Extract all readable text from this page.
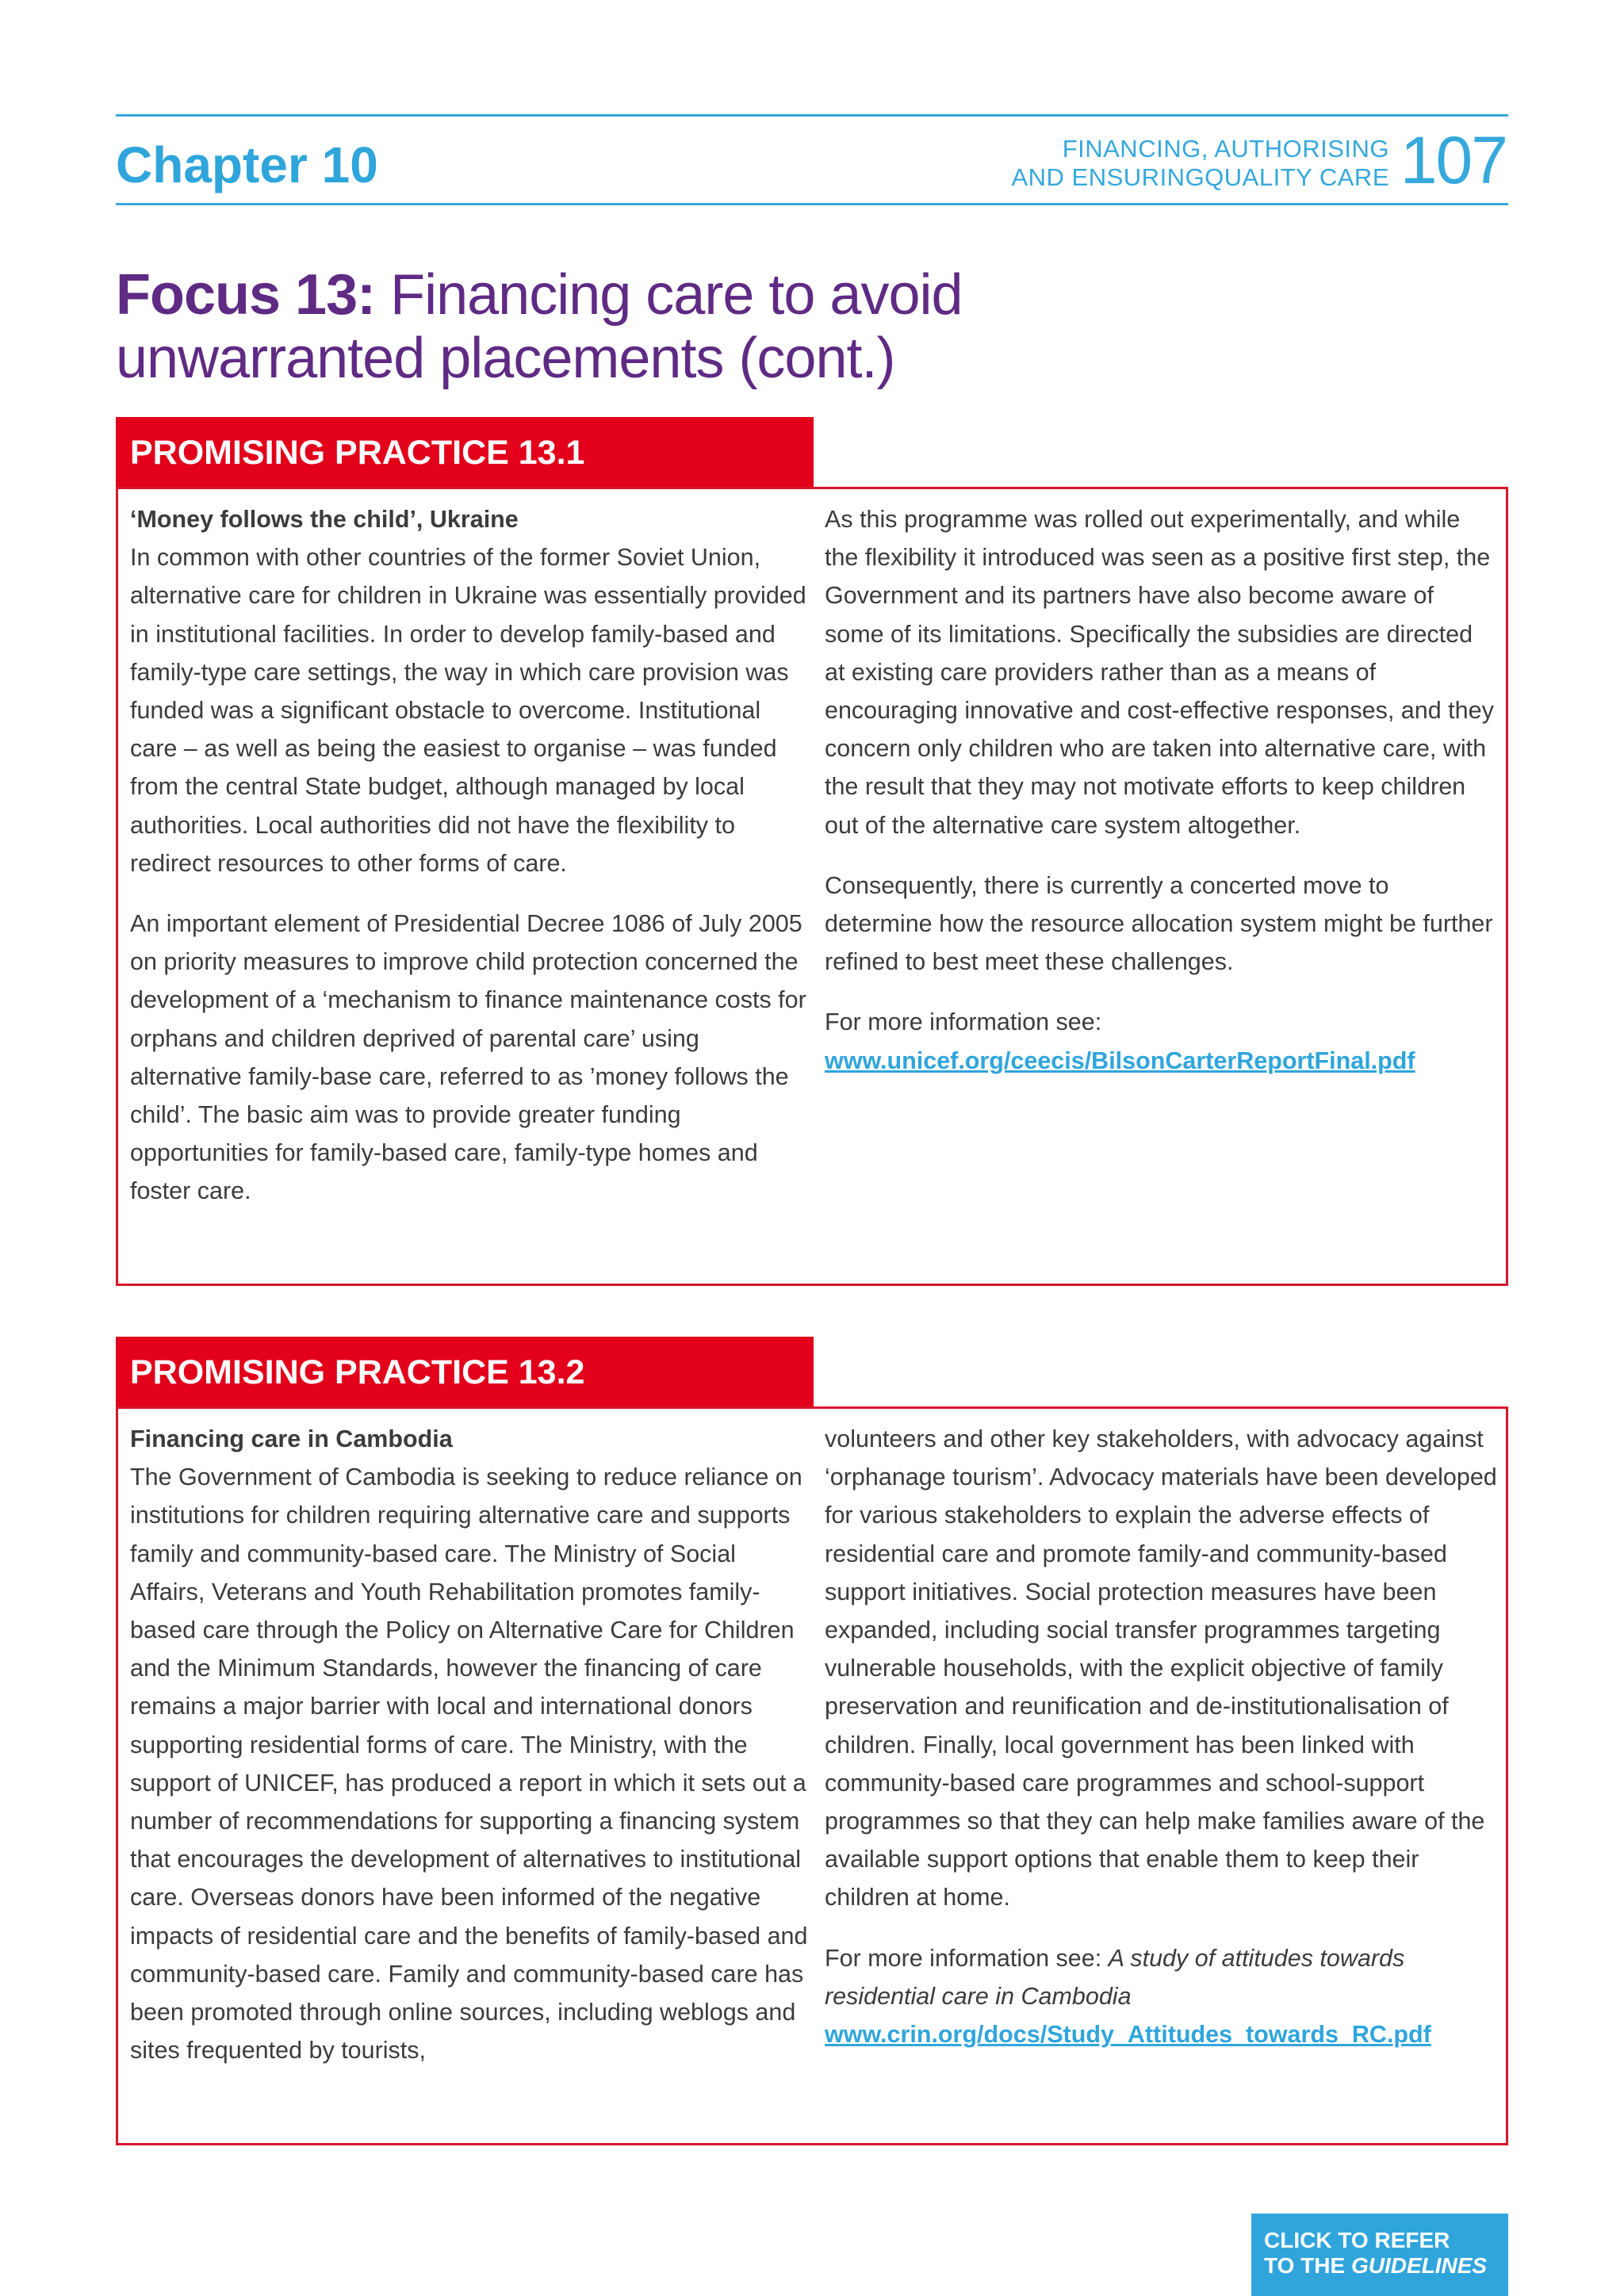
Chapter 10	FINANCING, AUTHORISING
AND ENSURINGQUALITY CARE 107
Focus 13: Financing care to avoid unwarranted placements (cont.)
PROMISING PRACTICE 13.1

‘Money follows the child’, Ukraine
In common with other countries of the former Soviet Union, alternative care for children in Ukraine was essentially provided in institutional facilities. In order to develop family-based and family-type care settings, the way in which care provision was funded was a significant obstacle to overcome. Institutional care – as well as being the easiest to organise – was funded from the central State budget, although managed by local authorities. Local authorities did not have the flexibility to redirect resources to other forms of care.

An important element of Presidential Decree 1086 of July 2005 on priority measures to improve child protection concerned the development of a ‘mechanism to finance maintenance costs for orphans and children deprived of parental care’ using alternative family-base care, referred to as ’money follows the child’. The basic aim was to provide greater funding opportunities for family-based care, family-type homes and foster care.

As this programme was rolled out experimentally, and while the flexibility it introduced was seen as a positive first step, the Government and its partners have also become aware of some of its limitations. Specifically the subsidies are directed at existing care providers rather than as a means of encouraging innovative and cost-effective responses, and they concern only children who are taken into alternative care, with the result that they may not motivate efforts to keep children out of the alternative care system altogether.

Consequently, there is currently a concerted move to determine how the resource allocation system might be further refined to best meet these challenges.

For more information see: www.unicef.org/ceecis/BilsonCarterReportFinal.pdf

PROMISING PRACTICE 13.2

Financing care in Cambodia
The Government of Cambodia is seeking to reduce reliance on institutions for children requiring alternative care and supports family and community-based care. The Ministry of Social Affairs, Veterans and Youth Rehabilitation promotes family-based care through the Policy on Alternative Care for Children and the Minimum Standards, however the financing of care remains a major barrier with local and international donors supporting residential forms of care. The Ministry, with the support of UNICEF, has produced a report in which it sets out a number of recommendations for supporting a financing system that encourages the development of alternatives to institutional care. Overseas donors have been informed of the negative impacts of residential care and the benefits of family-based and community-based care. Family and community-based care has been promoted through online sources, including weblogs and sites frequented by tourists,

volunteers and other key stakeholders, with advocacy against ‘orphanage tourism’. Advocacy materials have been developed for various stakeholders to explain the adverse effects of residential care and promote family-and community-based support initiatives. Social protection measures have been expanded, including social transfer programmes targeting vulnerable households, with the explicit objective of family preservation and reunification and de-institutionalisation of children. Finally, local government has been linked with community-based care programmes and school-support programmes so that they can help make families aware of the available support options that enable them to keep their children at home.

For more information see: A study of attitudes towards residential care in Cambodia www.crin.org/docs/Study_Attitudes_towards_RC.pdf

CLICK TO REFER
TO THE GUIDELINES
